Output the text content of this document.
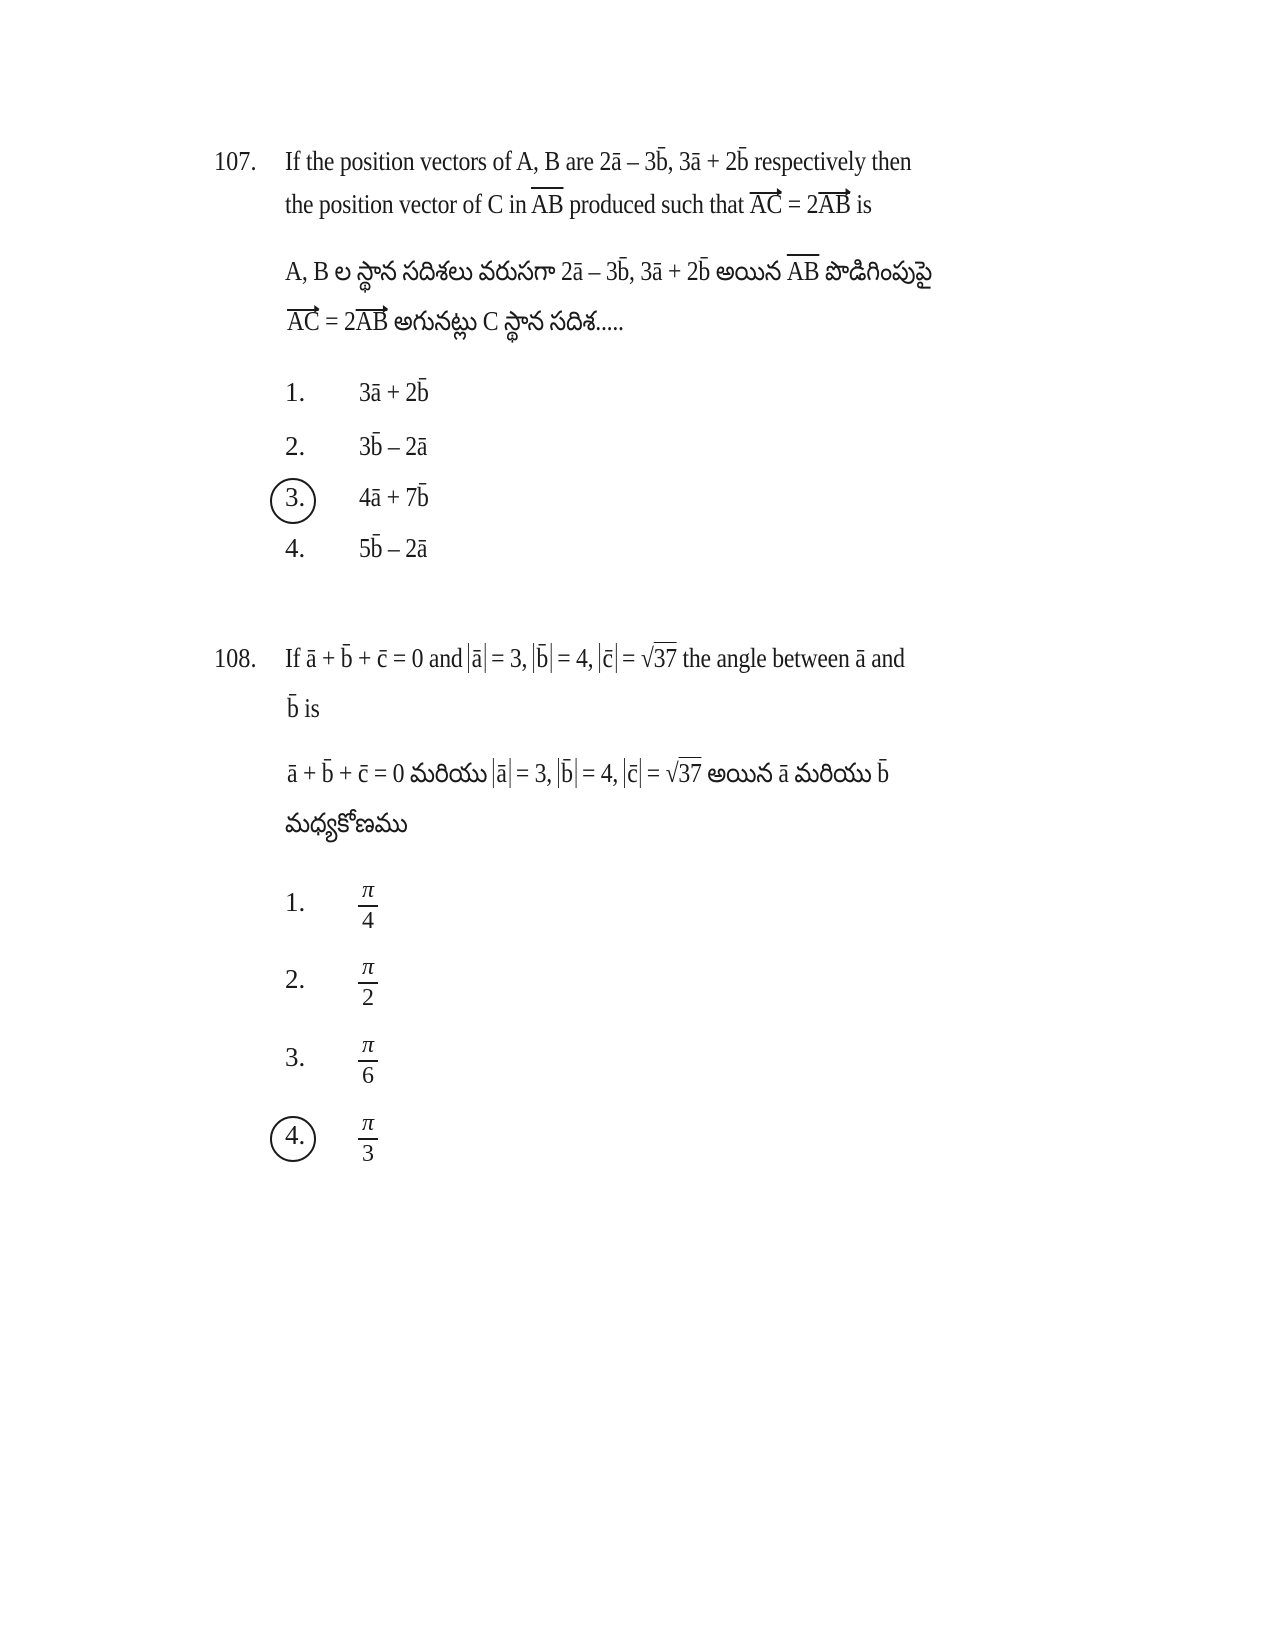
107. If the position vectors of A, B are 2ā – 3b̄, 3ā + 2b̄ respectively then
the position vector of C in $\overline{AB}$ produced such that AC = 2AB is
A, B ల స్థాన సదిశలు వరుసగా 2ā – 3b̄, 3ā + 2b̄ అయిన $\overline{AB}$ పొడిగింపుపై
AC = 2AB అగునట్లు C స్థాన సదిశ.....
1. 3ā + 2b̄
2. 3b̄ – 2ā
3. 4ā + 7b̄
4. 5b̄ – 2ā
108. If ā + b̄ + c̄ = 0 and ā = 3, b̄ = 4, c̄ = √37 the angle between ā and
b̄ is
ā + b̄ + c̄ = 0 మరియు ā = 3, b̄ = 4, c̄ = √37 అయిన ā మరియు b̄
మధ్యకోణము
1. π
4
2. π
2
3. π
6
4. π
3
